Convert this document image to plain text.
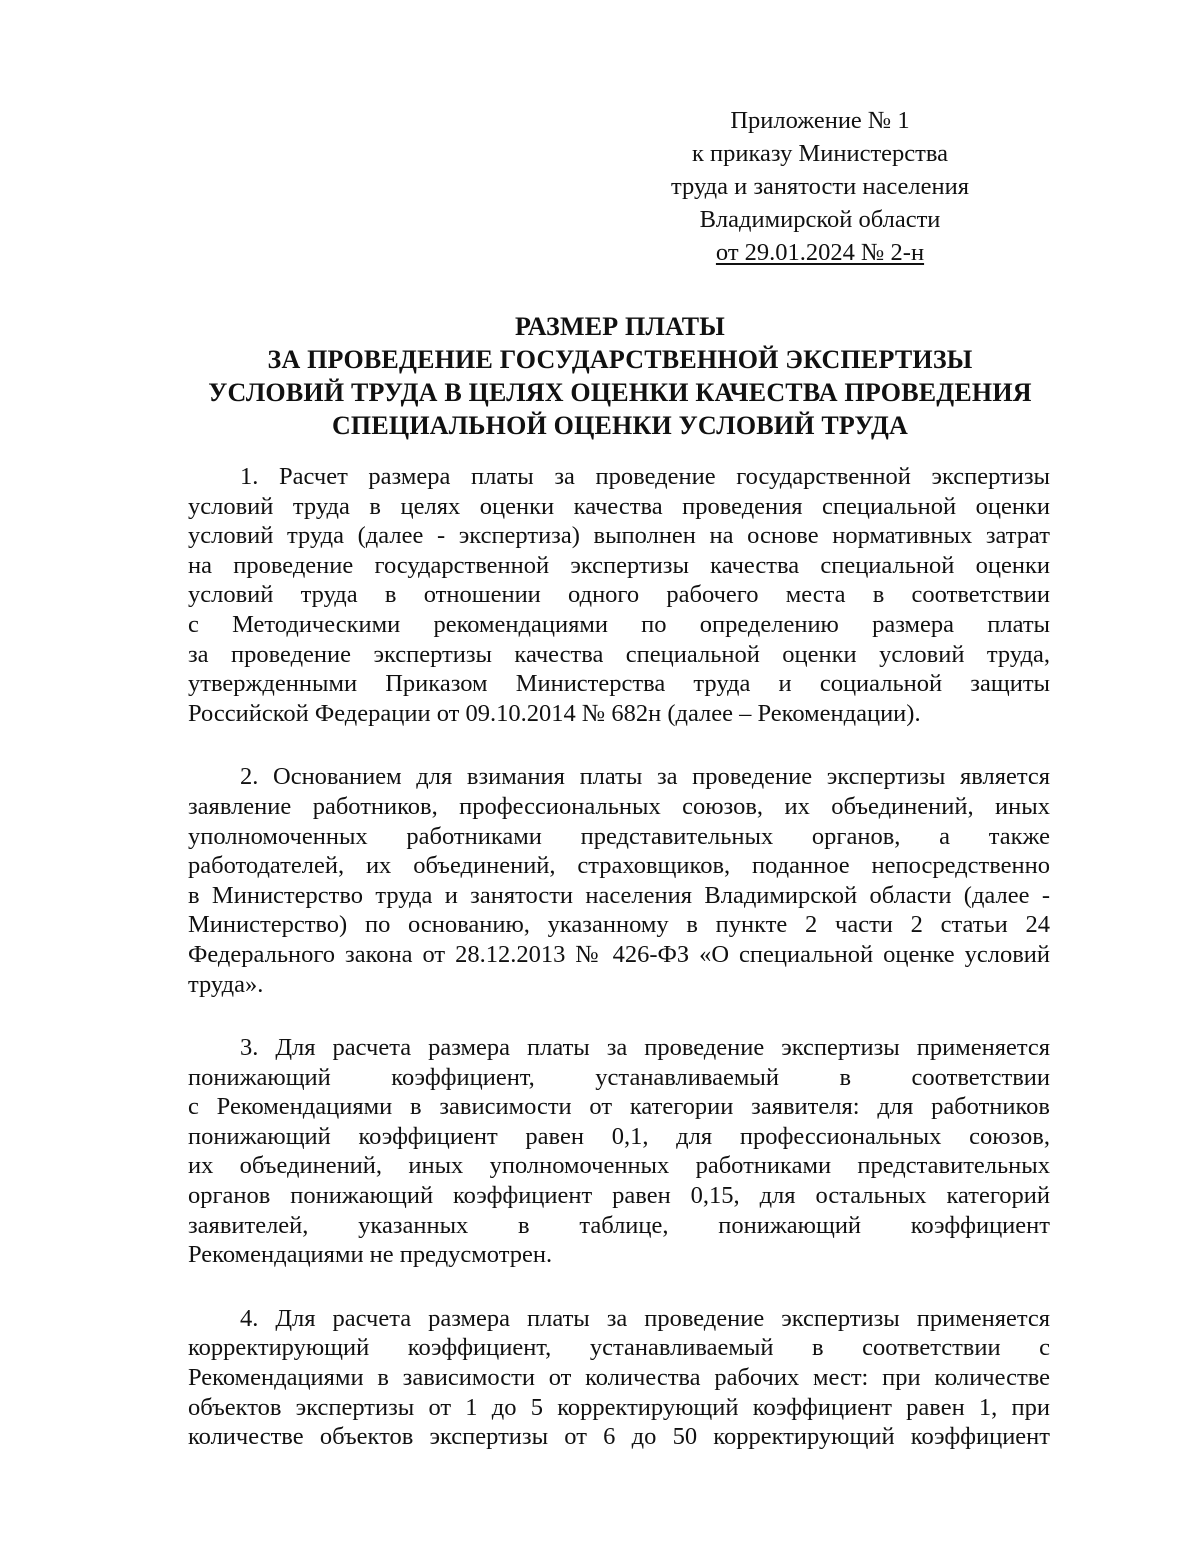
Приложение № 1
к приказу Министерства
труда и занятости населения
Владимирской области
от 29.01.2024 № 2-н
РАЗМЕР ПЛАТЫ
ЗА ПРОВЕДЕНИЕ ГОСУДАРСТВЕННОЙ ЭКСПЕРТИЗЫ
УСЛОВИЙ ТРУДА В ЦЕЛЯХ ОЦЕНКИ КАЧЕСТВА ПРОВЕДЕНИЯ
СПЕЦИАЛЬНОЙ ОЦЕНКИ УСЛОВИЙ ТРУДА
1. Расчет размера платы за проведение государственной экспертизы
условий труда в целях оценки качества проведения специальной оценки
условий труда (далее - экспертиза) выполнен на основе нормативных затрат
на проведение государственной экспертизы качества специальной оценки
условий труда в отношении одного рабочего места в соответствии
с Методическими рекомендациями по определению размера платы
за проведение экспертизы качества специальной оценки условий труда,
утвержденными Приказом Министерства труда и социальной защиты
Российской Федерации от 09.10.2014 № 682н (далее – Рекомендации).
2. Основанием для взимания платы за проведение экспертизы является
заявление работников, профессиональных союзов, их объединений, иных
уполномоченных работниками представительных органов, а также
работодателей, их объединений, страховщиков, поданное непосредственно
в Министерство труда и занятости населения Владимирской области (далее -
Министерство) по основанию, указанному в пункте 2 части 2 статьи 24
Федерального закона от 28.12.2013 № 426-ФЗ «О специальной оценке условий
труда».
3. Для расчета размера платы за проведение экспертизы применяется
понижающий коэффициент, устанавливаемый в соответствии
с Рекомендациями в зависимости от категории заявителя: для работников
понижающий коэффициент равен 0,1, для профессиональных союзов,
их объединений, иных уполномоченных работниками представительных
органов понижающий коэффициент равен 0,15, для остальных категорий
заявителей, указанных в таблице, понижающий коэффициент
Рекомендациями не предусмотрен.
4. Для расчета размера платы за проведение экспертизы применяется
корректирующий коэффициент, устанавливаемый в соответствии с
Рекомендациями в зависимости от количества рабочих мест: при количестве
объектов экспертизы от 1 до 5 корректирующий коэффициент равен 1, при
количестве объектов экспертизы от 6 до 50 корректирующий коэффициент
